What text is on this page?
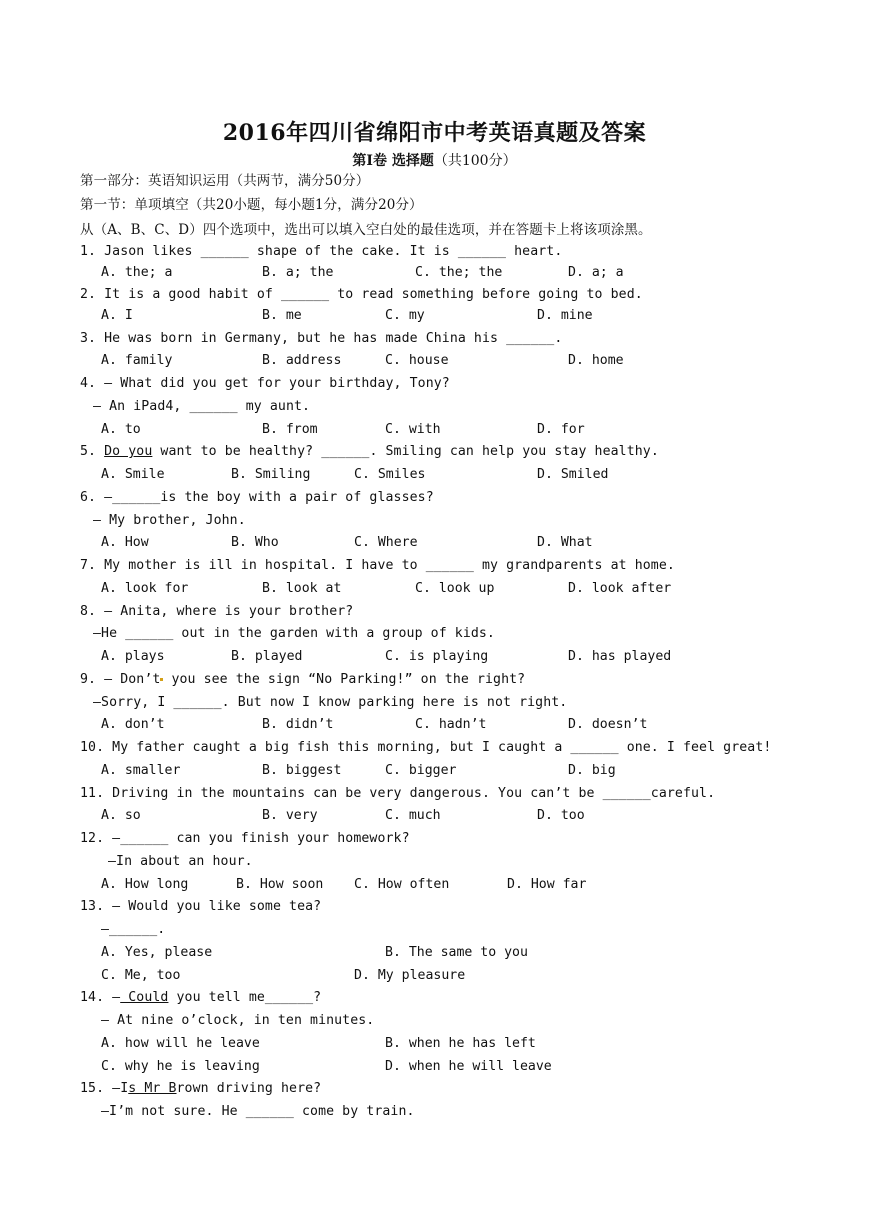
2016年四川省绵阳市中考英语真题及答案
第Ⅰ卷 选择题（共100分）
第一部分：英语知识运用（共两节，满分50分）
第一节：单项填空（共20小题，每小题1分，满分20分）
从（A、B、C、D）四个选项中，选出可以填入空白处的最佳选项，并在答题卡上将该项涂黑。
1. Jason likes ______ shape of the cake. It is ______ heart.
A. the; a	B. a; the	C. the; the	D. a; a
2. It is a good habit of ______ to read something before going to bed.
A. I	B. me	C. my	D. mine
3. He was born in Germany, but he has made China his ______.
A. family	B. address	C. house	D. home
4. — What did you get for your birthday, Tony?
— An iPad4, ______ my aunt.
A. to	B. from	C. with	D. for
5. Do you want to be healthy? ______. Smiling can help you stay healthy.
A. Smile	B. Smiling	C. Smiles	D. Smiled
6. —______is the boy with a pair of glasses?
— My brother, John.
A. How	B. Who	C. Where	D. What
7. My mother is ill in hospital. I have to ______ my grandparents at home.
A. look for	B. look at	C. look up	D. look after
8. — Anita, where is your brother?
—He ______ out in the garden with a group of kids.
A. plays	B. played	C. is playing	D. has played
9. — Don’t you see the sign “No Parking!” on the right?
—Sorry, I ______. But now I know parking here is not right.
A. don’t	B. didn’t	C. hadn’t	D. doesn’t
10. My father caught a big fish this morning, but I caught a ______ one. I feel great!
A. smaller	B. biggest	C. bigger	D. big
11. Driving in the mountains can be very dangerous. You can’t be ______careful.
A. so	B. very	C. much	D. too
12. —______ can you finish your homework?
—In about an hour.
A. How long	B. How soon C. How often	D. How far
13. — Would you like some tea?
—______.
A. Yes, please	B. The same to you
C. Me, too	D. My pleasure
14. — Could you tell me______?
— At nine o’clock, in ten minutes.
A. how will he leave	B. when he has left
C. why he is leaving	D. when he will leave
15. —Is Mr Brown driving here?
—I’m not sure. He ______ come by train.
